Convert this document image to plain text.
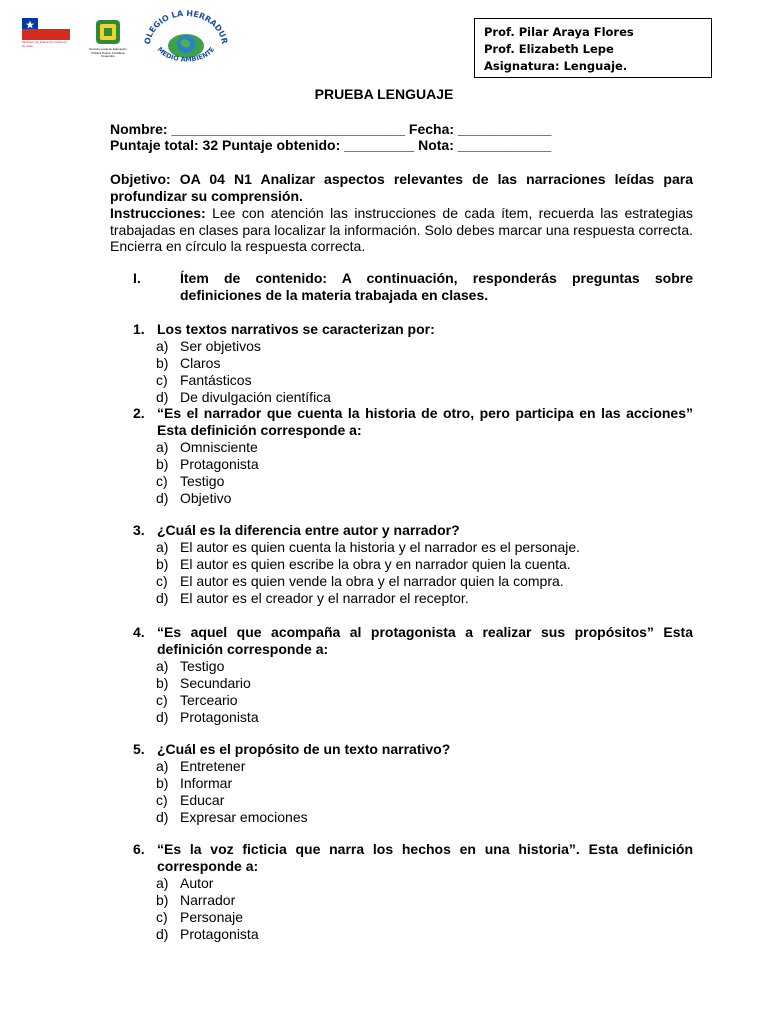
Ministerio de Educación Gobierno de Chile
Servicio Local de Educación Pública Puerto Cordillera Coquimbo
OLEGIO LA HERRADUR
MEDIO AMBIENTE
Prof. Pilar Araya Flores
Prof. Elizabeth Lepe
Asignatura: Lenguaje.
PRUEBA LENGUAJE
Nombre: ______________________________ Fecha: ____________
Puntaje total: 32 Puntaje obtenido: _________ Nota: ____________
Objetivo: OA 04 N1 Analizar aspectos relevantes de las narraciones leídas para profundizar su comprensión.
Instrucciones: Lee con atención las instrucciones de cada ítem, recuerda las estrategias trabajadas en clases para localizar la información. Solo debes marcar una respuesta correcta. Encierra en círculo la respuesta correcta.
I.	Ítem de contenido: A continuación, responderás preguntas sobre definiciones de la materia trabajada en clases.
1. Los textos narrativos se caracterizan por:
a) Ser objetivos
b) Claros
c) Fantásticos
d) De divulgación científica
2. “Es el narrador que cuenta la historia de otro, pero participa en las acciones” Esta definición corresponde a:
a) Omnisciente
b) Protagonista
c) Testigo
d) Objetivo
3. ¿Cuál es la diferencia entre autor y narrador?
a) El autor es quien cuenta la historia y el narrador es el personaje.
b) El autor es quien escribe la obra y en narrador quien la cuenta.
c) El autor es quien vende la obra y el narrador quien la compra.
d) El autor es el creador y el narrador el receptor.
4. “Es aquel que acompaña al protagonista a realizar sus propósitos” Esta definición corresponde a:
a) Testigo
b) Secundario
c) Terceario
d) Protagonista
5. ¿Cuál es el propósito de un texto narrativo?
a) Entretener
b) Informar
c) Educar
d) Expresar emociones
6. “Es la voz ficticia que narra los hechos en una historia”. Esta definición corresponde a:
a) Autor
b) Narrador
c) Personaje
d) Protagonista
